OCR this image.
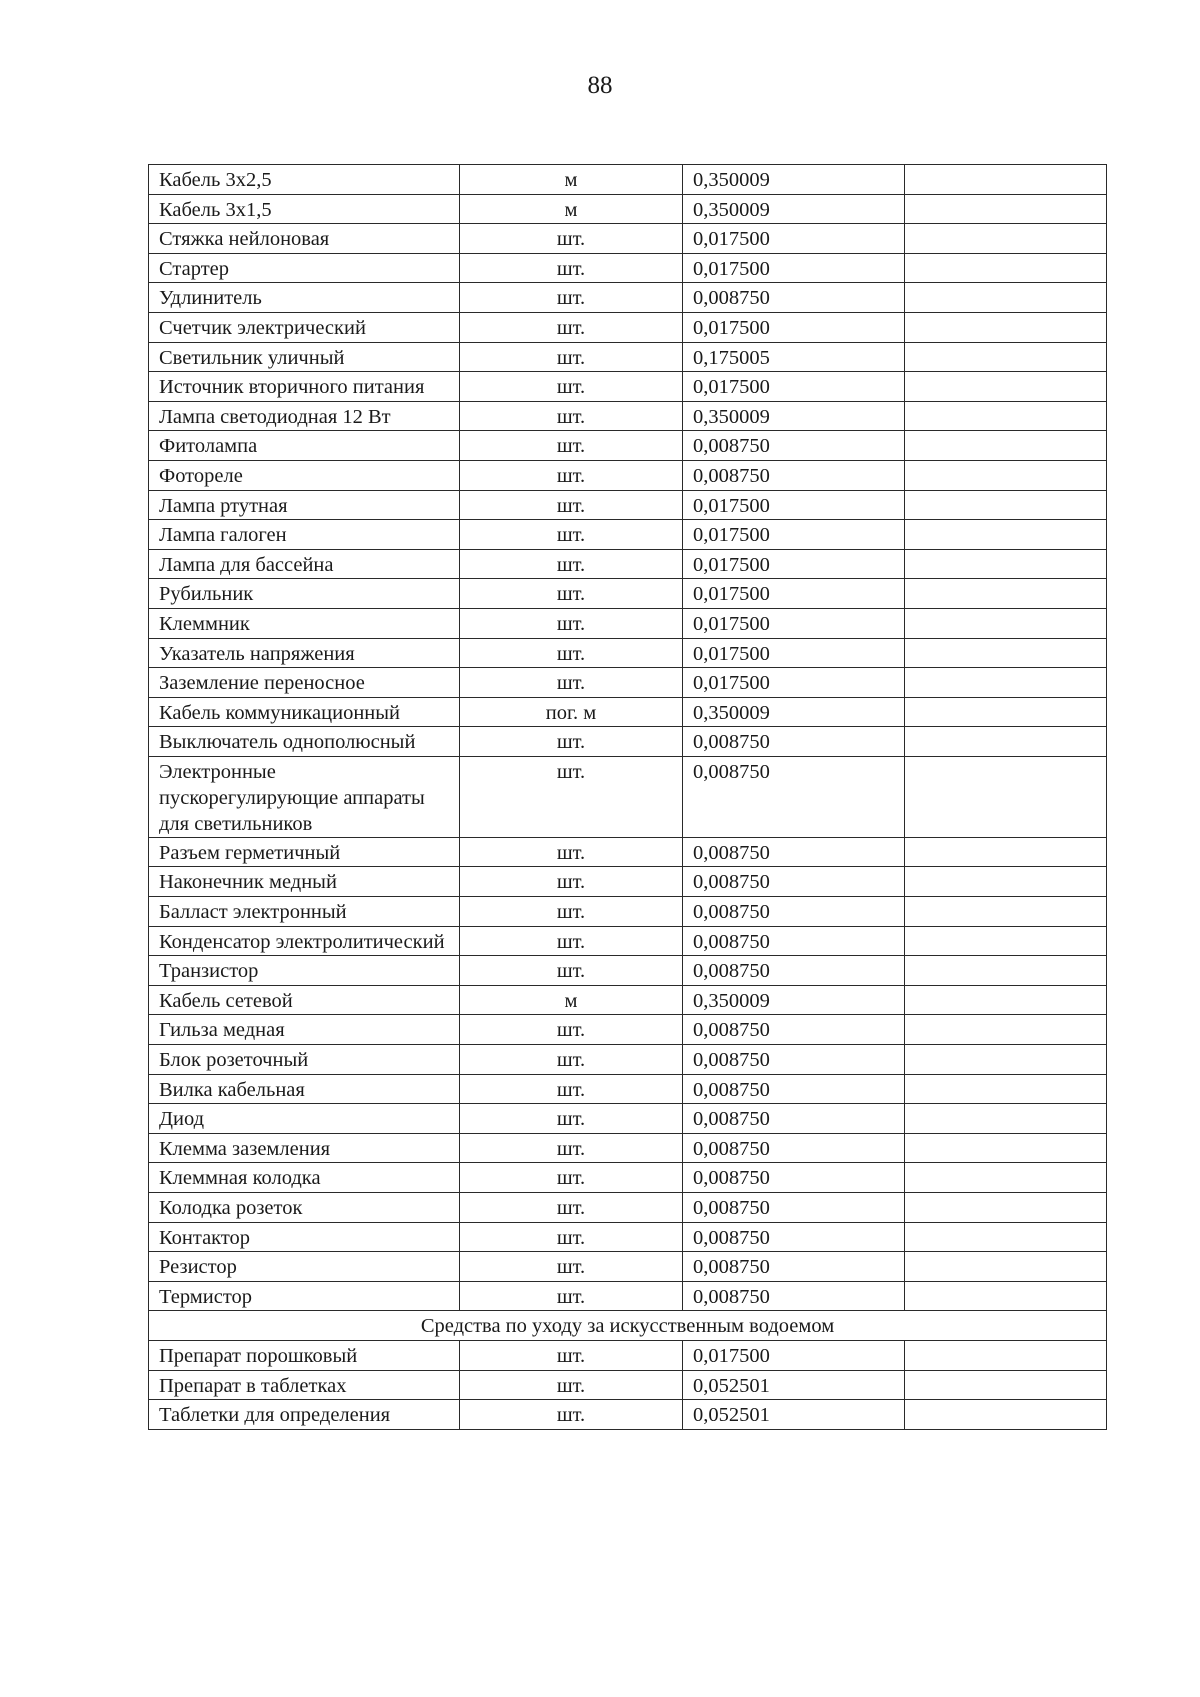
88
Кабель 3х2,5	м	0,350009	
Кабель 3х1,5	м	0,350009	
Стяжка нейлоновая	шт.	0,017500	
Стартер	шт.	0,017500	
Удлинитель	шт.	0,008750	
Счетчик электрический	шт.	0,017500	
Светильник уличный	шт.	0,175005	
Источник вторичного питания	шт.	0,017500	
Лампа светодиодная 12 Вт	шт.	0,350009	
Фитолампа	шт.	0,008750	
Фотореле	шт.	0,008750	
Лампа ртутная	шт.	0,017500	
Лампа галоген	шт.	0,017500	
Лампа для бассейна	шт.	0,017500	
Рубильник	шт.	0,017500	
Клеммник	шт.	0,017500	
Указатель напряжения	шт.	0,017500	
Заземление переносное	шт.	0,017500	
Кабель коммуникационный	пог. м	0,350009	
Выключатель однополюсный	шт.	0,008750	
Электронные пускорегулирующие аппараты для светильников	шт.	0,008750	
Разъем герметичный	шт.	0,008750	
Наконечник медный	шт.	0,008750	
Балласт электронный	шт.	0,008750	
Конденсатор электролитический	шт.	0,008750	
Транзистор	шт.	0,008750	
Кабель сетевой	м	0,350009	
Гильза медная	шт.	0,008750	
Блок розеточный	шт.	0,008750	
Вилка кабельная	шт.	0,008750	
Диод	шт.	0,008750	
Клемма заземления	шт.	0,008750	
Клеммная колодка	шт.	0,008750	
Колодка розеток	шт.	0,008750	
Контактор	шт.	0,008750	
Резистор	шт.	0,008750	
Термистор	шт.	0,008750	
Средства по уходу за искусственным водоемом			
Препарат порошковый	шт.	0,017500	
Препарат в таблетках	шт.	0,052501	
Таблетки для определения	шт.	0,052501	
